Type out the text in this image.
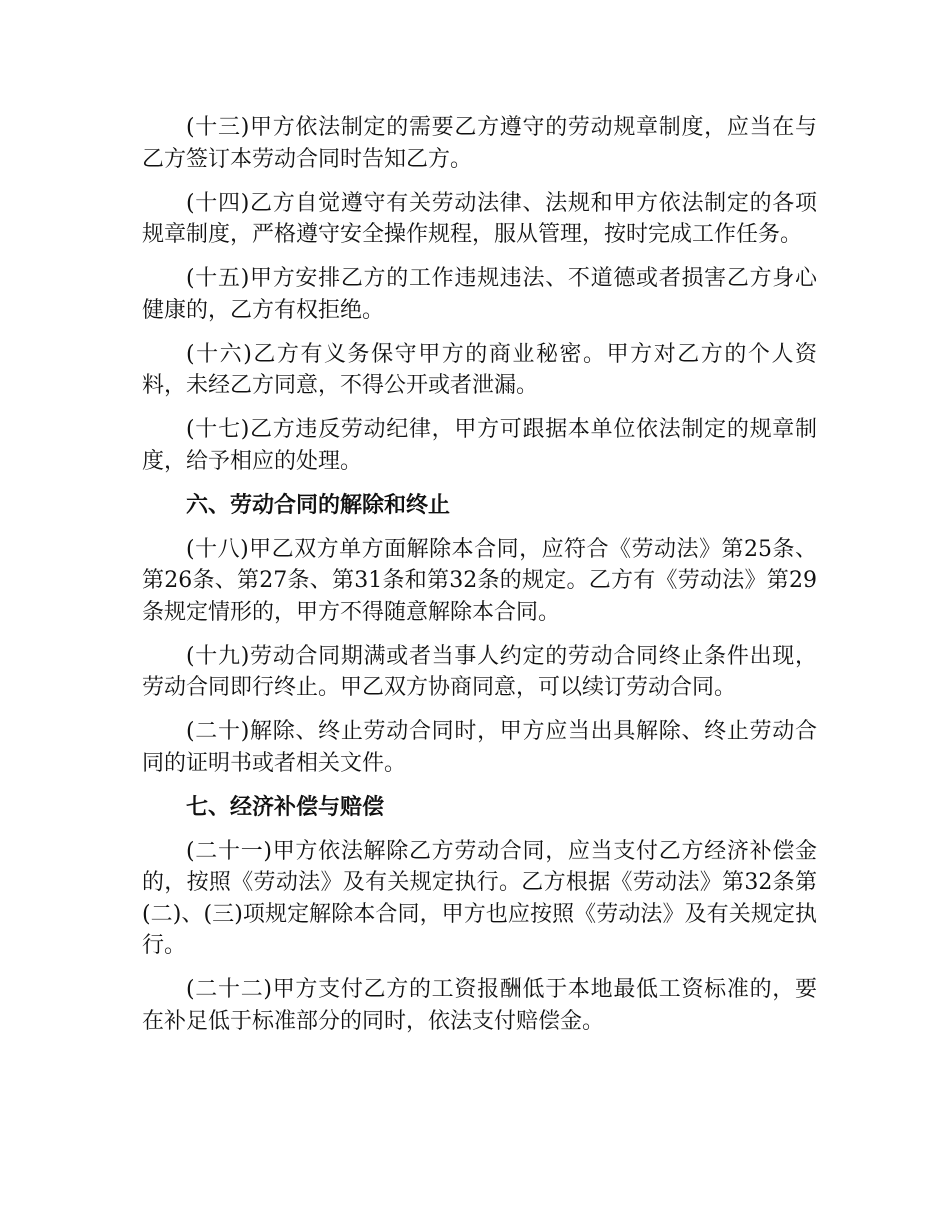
(十三)甲方依法制定的需要乙方遵守的劳动规章制度，应当在与乙方签订本劳动合同时告知乙方。

(十四)乙方自觉遵守有关劳动法律、法规和甲方依法制定的各项规章制度，严格遵守安全操作规程，服从管理，按时完成工作任务。

(十五)甲方安排乙方的工作违规违法、不道德或者损害乙方身心健康的，乙方有权拒绝。

(十六)乙方有义务保守甲方的商业秘密。甲方对乙方的个人资料，未经乙方同意，不得公开或者泄漏。

(十七)乙方违反劳动纪律，甲方可跟据本单位依法制定的规章制度，给予相应的处理。

六、劳动合同的解除和终止

(十八)甲乙双方单方面解除本合同，应符合《劳动法》第25条、第26条、第27条、第31条和第32条的规定。乙方有《劳动法》第29条规定情形的，甲方不得随意解除本合同。

(十九)劳动合同期满或者当事人约定的劳动合同终止条件出现，劳动合同即行终止。甲乙双方协商同意，可以续订劳动合同。

(二十)解除、终止劳动合同时，甲方应当出具解除、终止劳动合同的证明书或者相关文件。

七、经济补偿与赔偿

(二十一)甲方依法解除乙方劳动合同，应当支付乙方经济补偿金的，按照《劳动法》及有关规定执行。乙方根据《劳动法》第32条第(二)、(三)项规定解除本合同，甲方也应按照《劳动法》及有关规定执行。

(二十二)甲方支付乙方的工资报酬低于本地最低工资标准的，要在补足低于标准部分的同时，依法支付赔偿金。
